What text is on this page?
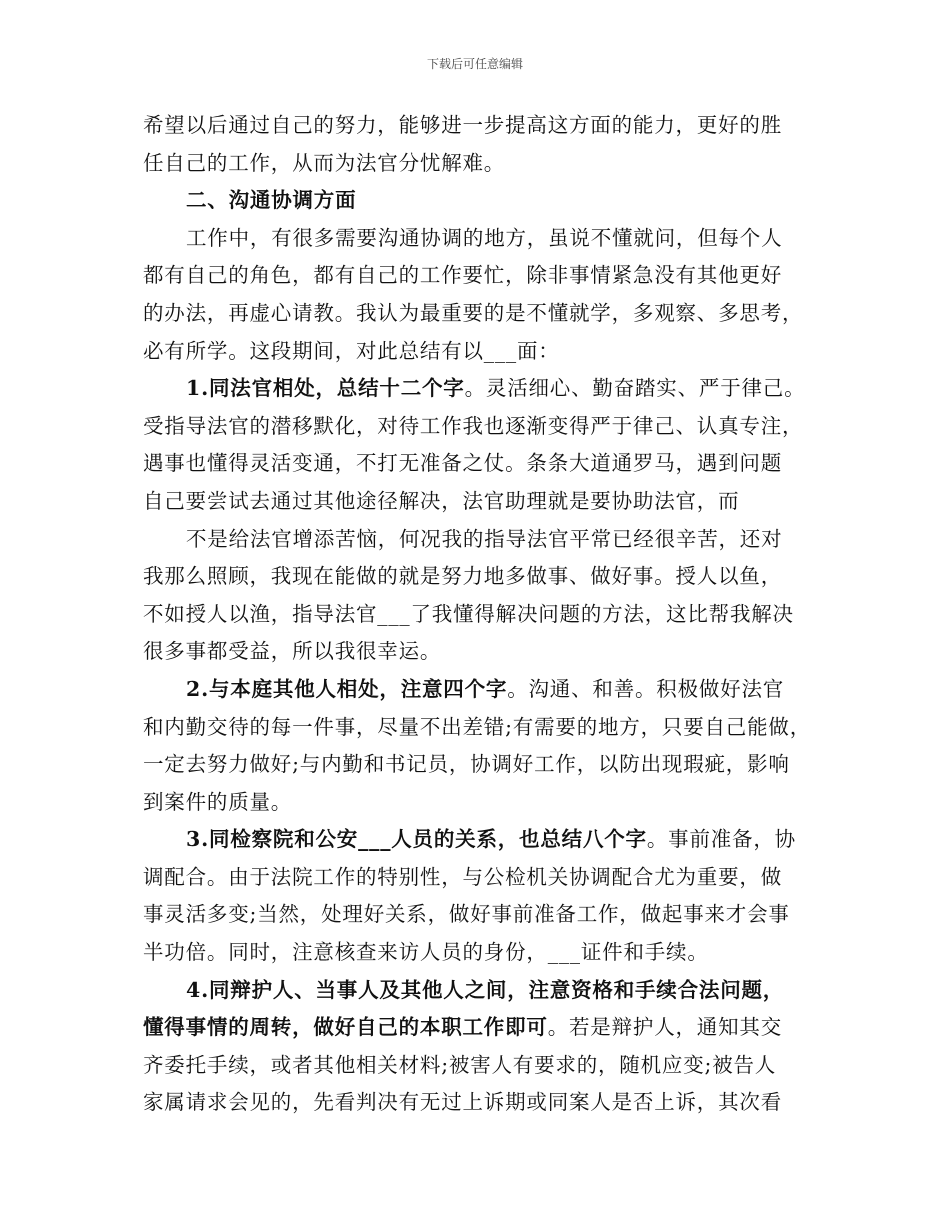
下载后可任意编辑
希望以后通过自己的努力，能够进一步提高这方面的能力，更好的胜
任自己的工作，从而为法官分忧解难。
二、沟通协调方面
工作中，有很多需要沟通协调的地方，虽说不懂就问，但每个人
都有自己的角色，都有自己的工作要忙，除非事情紧急没有其他更好
的办法，再虚心请教。我认为最重要的是不懂就学，多观察、多思考，
必有所学。这段期间，对此总结有以___面：
1.同法官相处，总结十二个字。灵活细心、勤奋踏实、严于律己。
受指导法官的潜移默化，对待工作我也逐渐变得严于律己、认真专注，
遇事也懂得灵活变通，不打无准备之仗。条条大道通罗马，遇到问题
自己要尝试去通过其他途径解决，法官助理就是要协助法官，而
不是给法官增添苦恼，何况我的指导法官平常已经很辛苦，还对
我那么照顾，我现在能做的就是努力地多做事、做好事。授人以鱼，
不如授人以渔，指导法官___了我懂得解决问题的方法，这比帮我解决
很多事都受益，所以我很幸运。
2.与本庭其他人相处，注意四个字。沟通、和善。积极做好法官
和内勤交待的每一件事，尽量不出差错;有需要的地方，只要自己能做，
一定去努力做好;与内勤和书记员，协调好工作，以防出现瑕疵，影响
到案件的质量。
3.同检察院和公安___人员的关系，也总结八个字。事前准备，协
调配合。由于法院工作的特别性，与公检机关协调配合尤为重要，做
事灵活多变;当然，处理好关系，做好事前准备工作，做起事来才会事
半功倍。同时，注意核查来访人员的身份，___证件和手续。
4.同辩护人、当事人及其他人之间，注意资格和手续合法问题，
懂得事情的周转，做好自己的本职工作即可。若是辩护人，通知其交
齐委托手续，或者其他相关材料;被害人有要求的，随机应变;被告人
家属请求会见的，先看判决有无过上诉期或同案人是否上诉，其次看
